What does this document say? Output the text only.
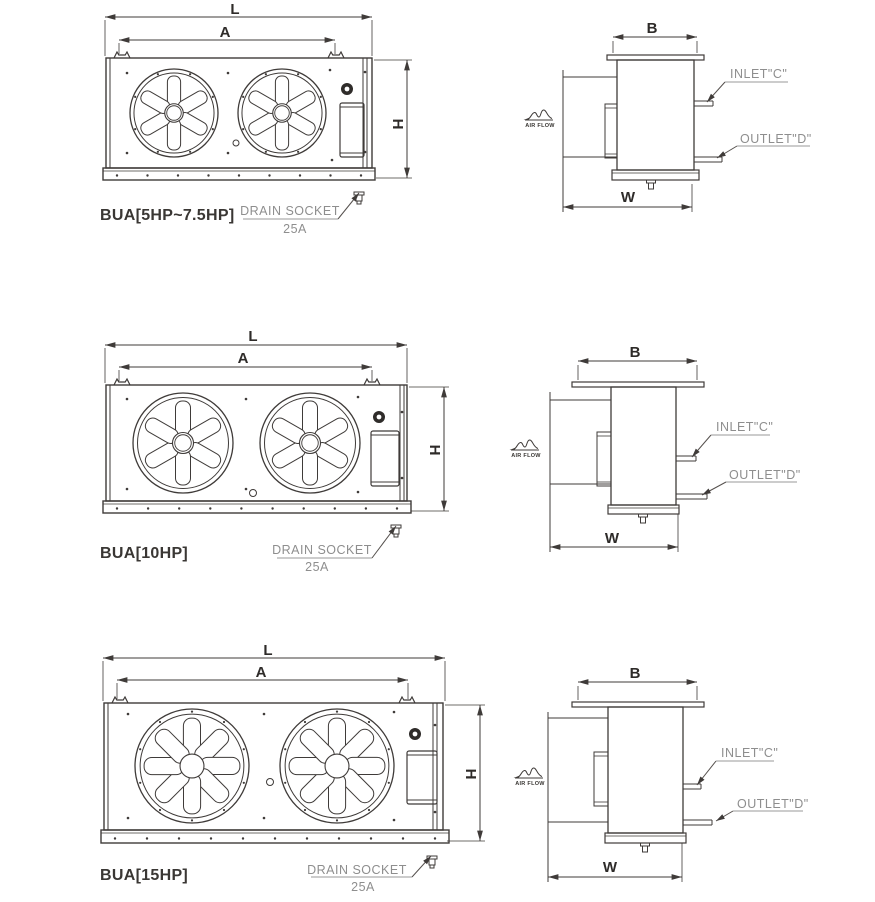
L
A
H
BUA[5HP~7.5HP] DRAIN SOCKET
25A
B
W
AIR FLOW
INLET"C"
OUTLET"D"
L
A
H
BUA[10HP]	DRAIN SOCKET
25A
B
W
AIR FLOW
INLET"C"
OUTLET"D"
L
A
H
BUA[15HP]	DRAIN SOCKET
25A
B
W
AIR FLOW
INLET"C"
OUTLET"D"
